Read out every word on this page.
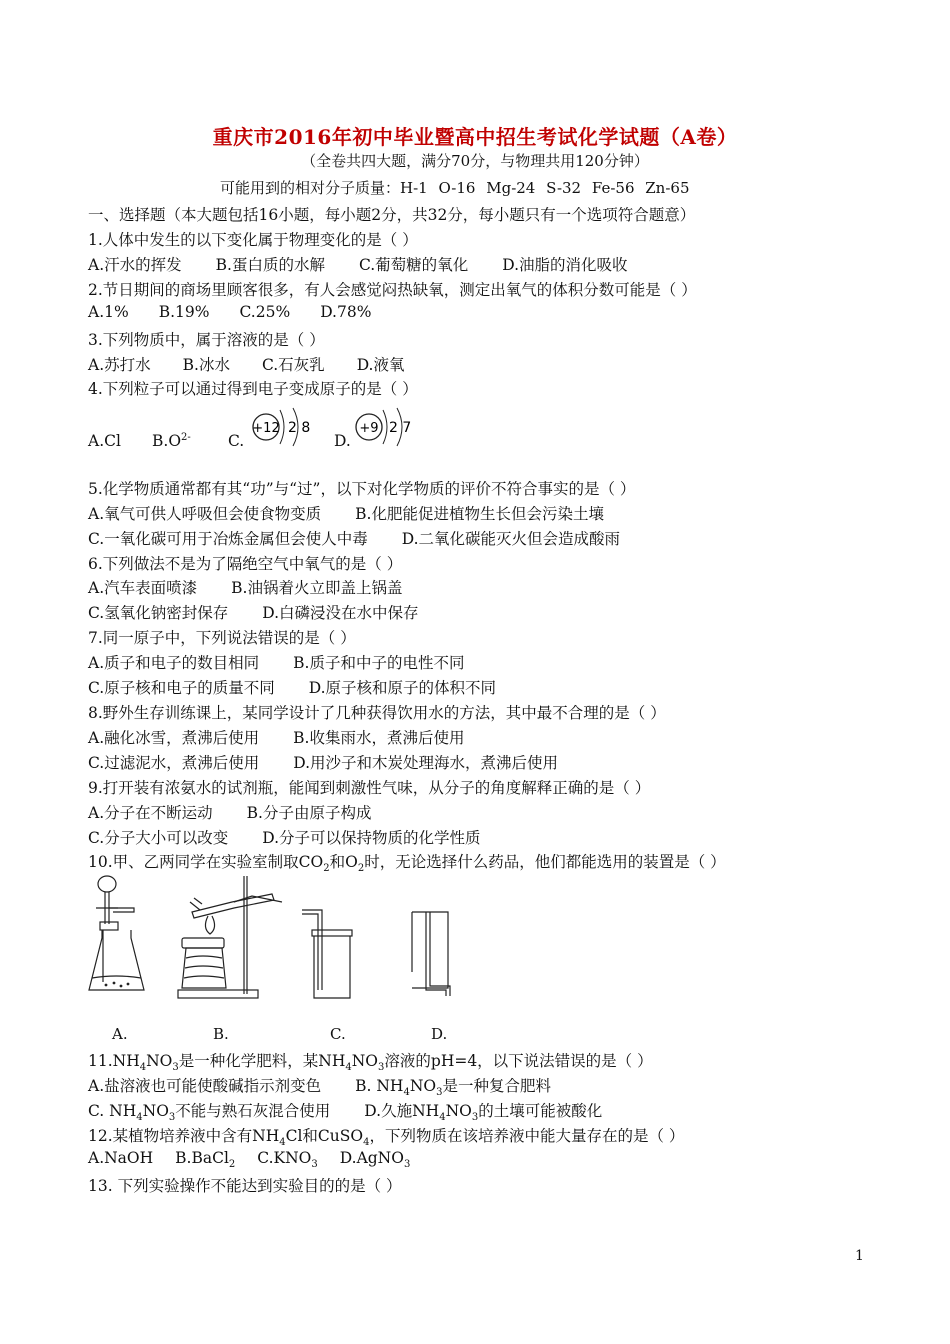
重庆市2016年初中毕业暨高中招生考试化学试题（A卷）
（全卷共四大题，满分70分，与物理共用120分钟）
可能用到的相对分子质量：H-1 O-16 Mg-24 S-32 Fe-56 Zn-65
一、选择题（本大题包括16小题，每小题2分，共32分，每小题只有一个选项符合题意）
1.人体中发生的以下变化属于物理变化的是（ ）
A.汗水的挥发 B.蛋白质的水解 C.葡萄糖的氧化 D.油脂的消化吸收
2.节日期间的商场里顾客很多，有人会感觉闷热缺氧，测定出氧气的体积分数可能是（ ）
A.1% B.19% C.25% D.78%
3.下列物质中，属于溶液的是（ ）
A.苏打水 B.冰水 C.石灰乳 D.液氧
4.下列粒子可以通过得到电子变成原子的是（ ）
A.Cl $B.O^{2-}$ C.	D.
+12 2 8	+9 2 7
5.化学物质通常都有其“功”与“过”，以下对化学物质的评价不符合事实的是（ ）
A.氧气可供人呼吸但会使食物变质 B.化肥能促进植物生长但会污染土壤
C.一氧化碳可用于冶炼金属但会使人中毒 D.二氧化碳能灭火但会造成酸雨
6.下列做法不是为了隔绝空气中氧气的是（ ）
A.汽车表面喷漆 B.油锅着火立即盖上锅盖
C.氢氧化钠密封保存 D.白磷浸没在水中保存
7.同一原子中，下列说法错误的是（ ）
A.质子和电子的数目相同 B.质子和中子的电性不同
C.原子核和电子的质量不同 D.原子核和原子的体积不同
8.野外生存训练课上，某同学设计了几种获得饮用水的方法，其中最不合理的是（ ）
A.融化冰雪，煮沸后使用 B.收集雨水，煮沸后使用
C.过滤泥水，煮沸后使用 D.用沙子和木炭处理海水，煮沸后使用
9.打开装有浓氨水的试剂瓶，能闻到刺激性气味，从分子的角度解释正确的是（ ）
A.分子在不断运动 B.分子由原子构成
C.分子大小可以改变 D.分子可以保持物质的化学性质
10.甲、乙两同学在实验室制取$CO_2$和$O_2$时，无论选择什么药品，他们都能选用的装置是（ ）
A.	B.	C.	D.
$11.NH_4NO_3$是一种化学肥料，某$NH_4NO_3$溶液的pH=4，以下说法错误的是（ ）
A.盐溶液也可能使酸碱指示剂变色 B. $NH_4NO_3$是一种复合肥料
C. $NH_4NO_3$不能与熟石灰混合使用 D.久施$NH_4NO_3$的土壤可能被酸化
12.某植物培养液中含有$NH_4Cl$和CuSO$_4$，下列物质在该培养液中能大量存在的是（ ）
A.NaOH B.BaCl$_2$ $C.KNO_3$ D.AgNO$_3$
13. 下列实验操作不能达到实验目的的是（ ）
1
